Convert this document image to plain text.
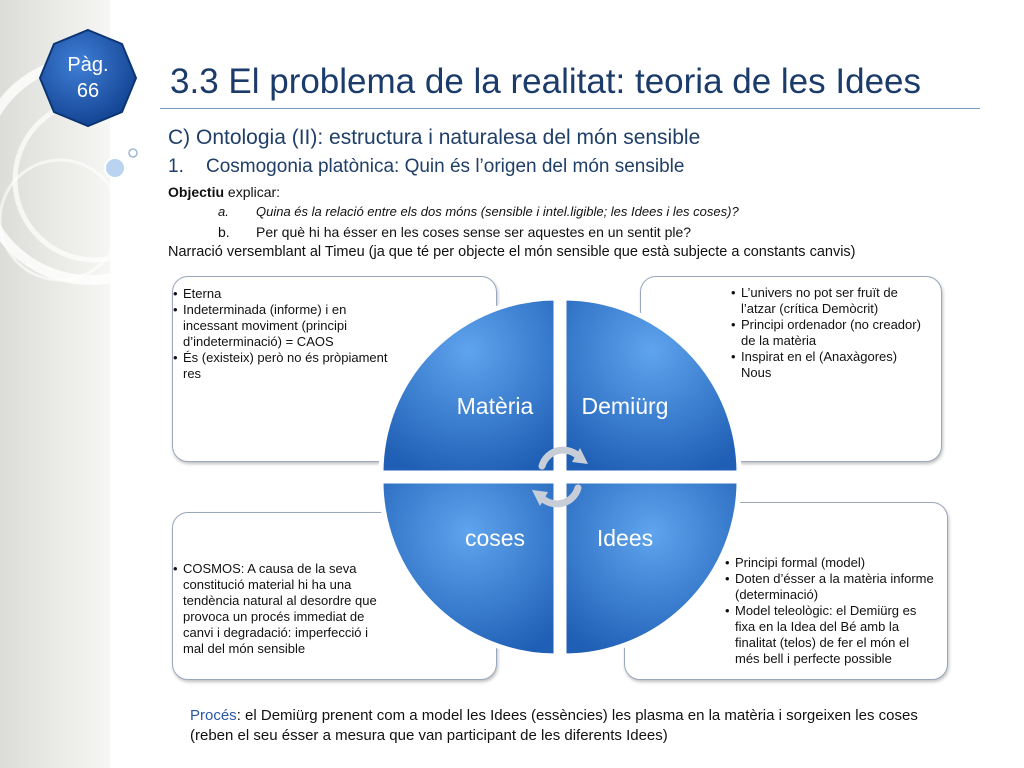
Pàg.
66	3.3 El problema de la realitat: teoria de les Idees
C) Ontologia (II): estructura i naturalesa del món sensible
1. Cosmogonia platònica: Quin és l’origen del món sensible
Objectiu explicar:
a. Quina és la relació entre els dos móns (sensible i intel.ligible; les Idees i les coses)?
b. Per què hi ha ésser en les coses sense ser aquestes en un sentit ple?
Narració versemblant al Timeu (ja que té per objecte el món sensible que està subjecte a constants canvis)
• Eterna
• Indeterminada (informe) i en incessant moviment (principi d’indeterminació) = CAOS
• És (existeix) però no és pròpiament res
• L’univers no pot ser fruït de l’atzar (crítica Demòcrit)
• Principi ordenador (no creador) de la matèria
• Inspirat en el (Anaxàgores) Nous
• COSMOS: A causa de la seva constitució material hi ha una tendència natural al desordre que provoca un procés immediat de canvi i degradació: imperfecció i mal del món sensible
• Principi formal (model)
• Doten d’ésser a la matèria informe (determinació)
• Model teleològic: el Demiürg es fixa en la Idea del Bé amb la finalitat (telos) de fer el món el més bell i perfecte possible
Matèria Demiürg
coses	Idees
Procés: el Demiürg prenent com a model les Idees (essències) les plasma en la matèria i sorgeixen les coses (reben el seu ésser a mesura que van participant de les diferents Idees)
